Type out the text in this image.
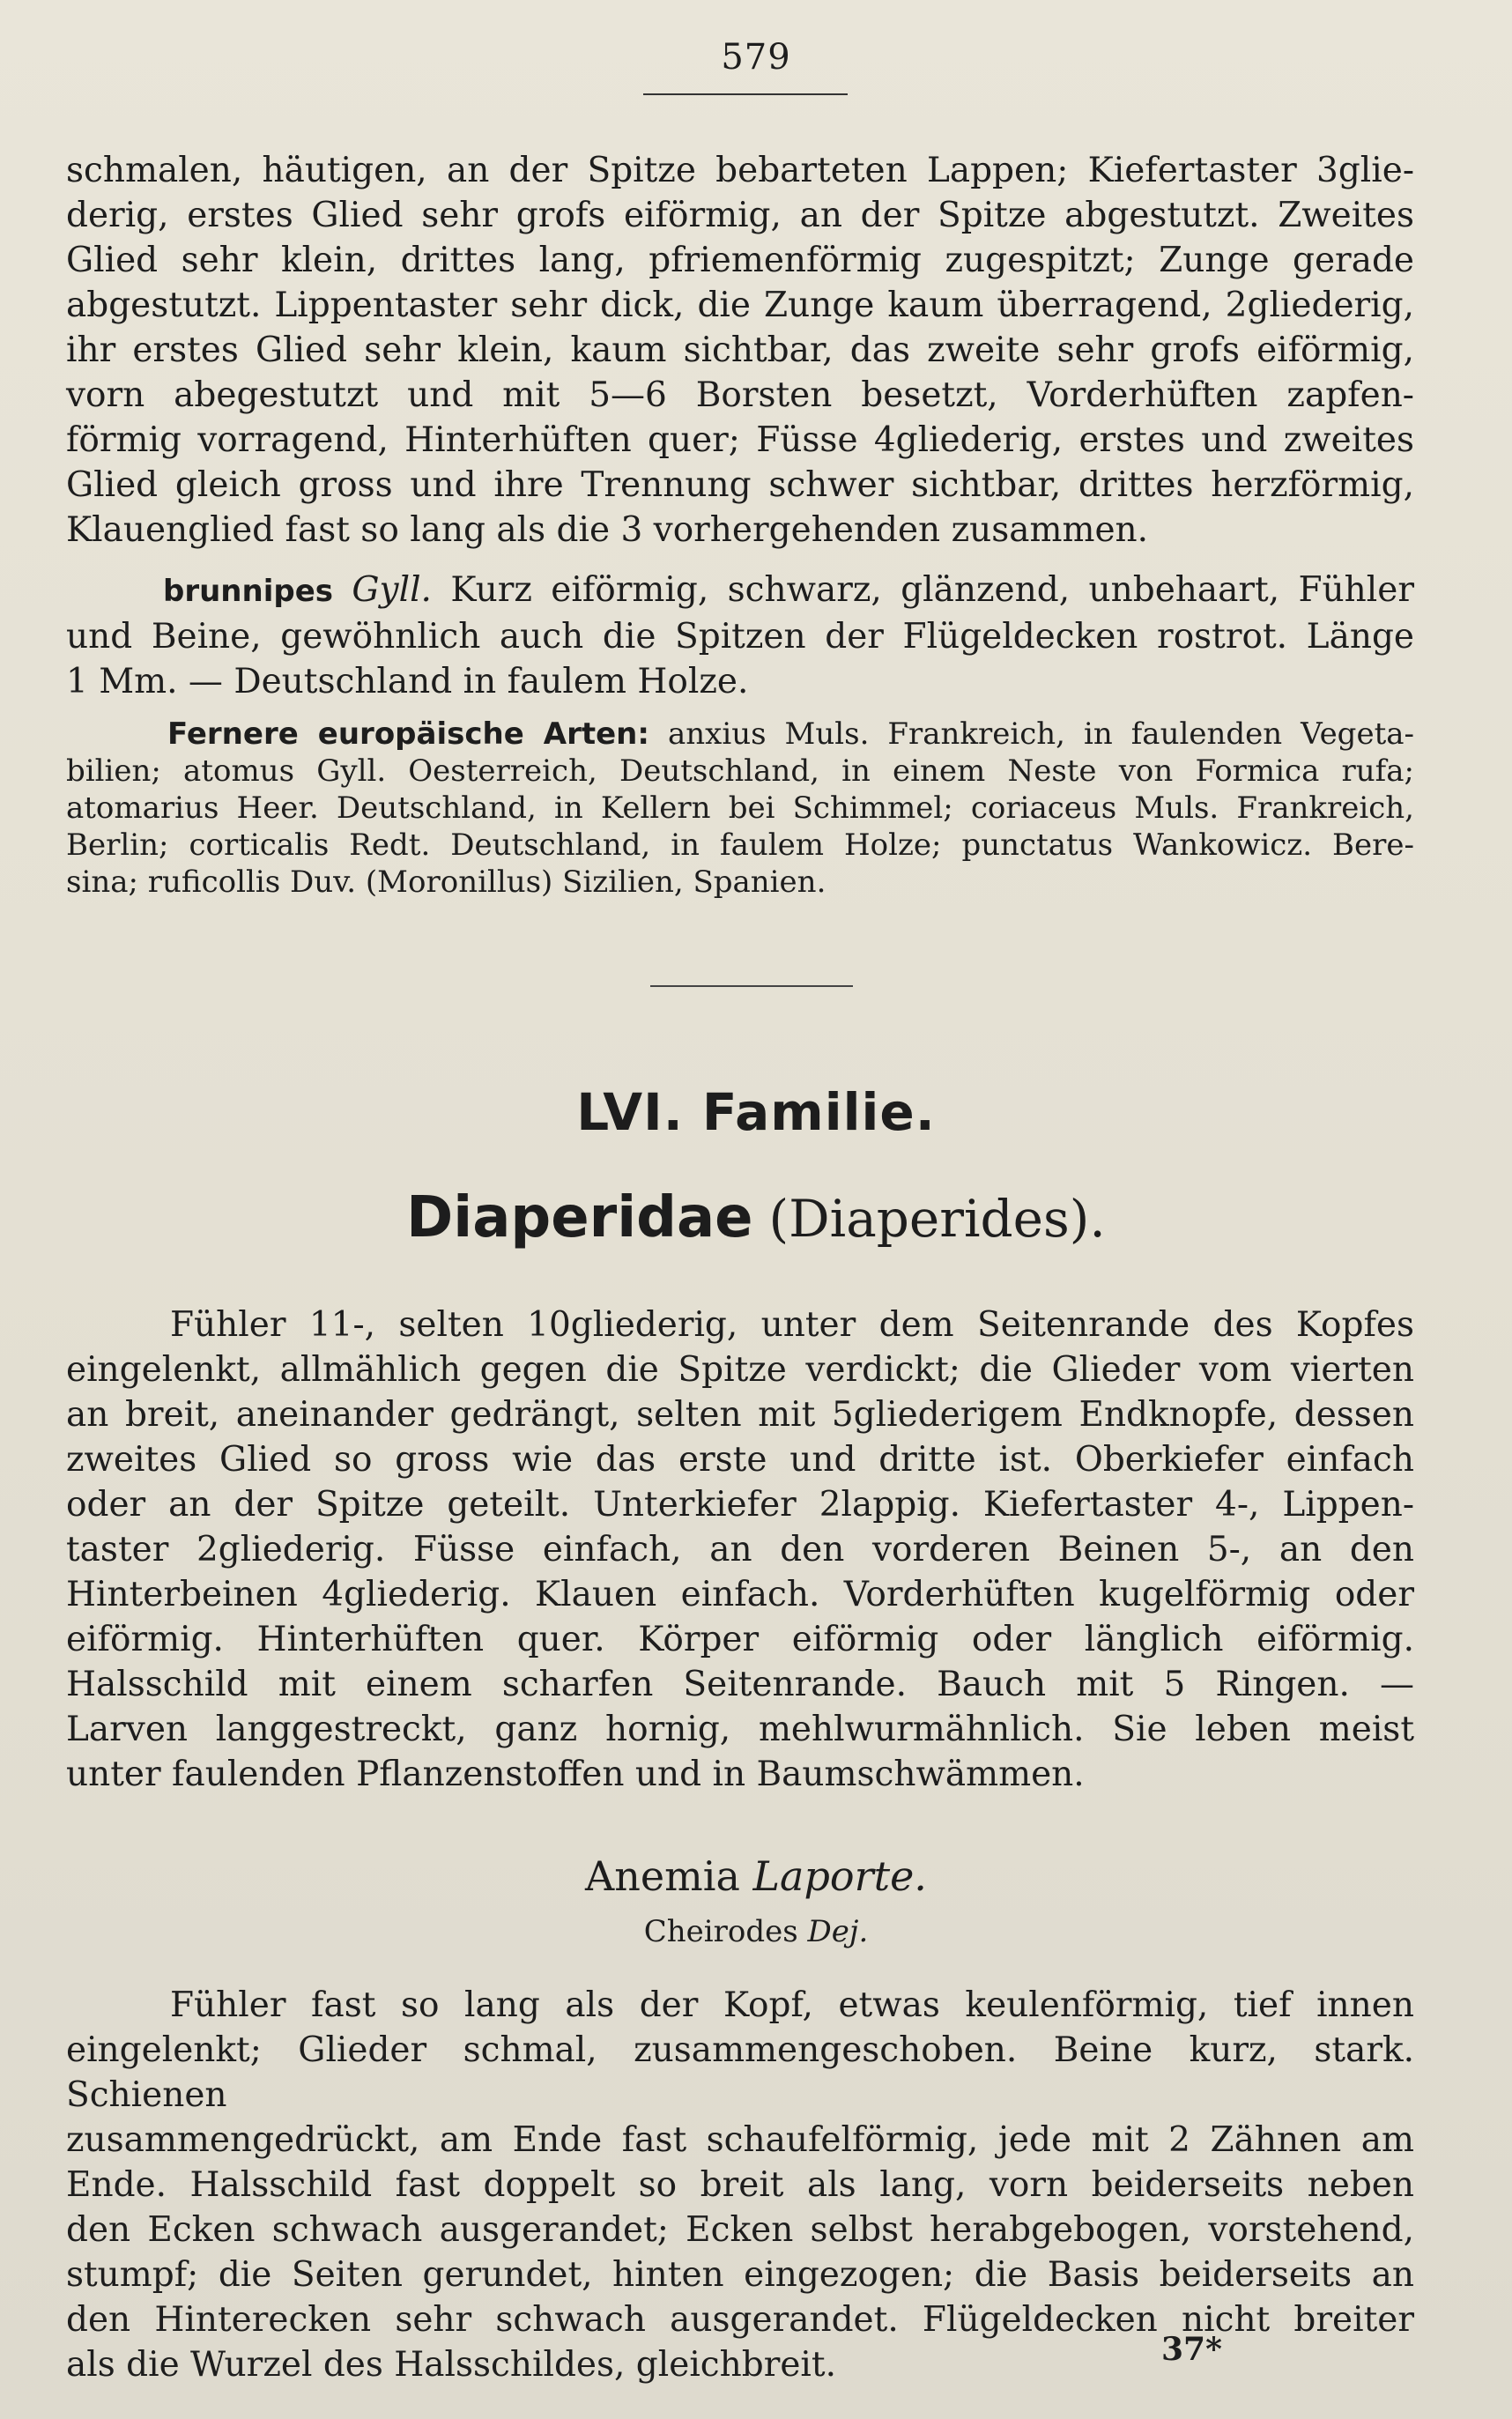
579
schmalen, häutigen, an der Spitze bebarteten Lappen; Kiefertaster 3glie-
derig, erstes Glied sehr grofs eiförmig, an der Spitze abgestutzt. Zweites
Glied sehr klein, drittes lang, pfriemenförmig zugespitzt; Zunge gerade
abgestutzt. Lippentaster sehr dick, die Zunge kaum überragend, 2gliederig,
ihr erstes Glied sehr klein, kaum sichtbar, das zweite sehr grofs eiförmig,
vorn abegestutzt und mit 5—6 Borsten besetzt, Vorderhüften zapfen-
förmig vorragend, Hinterhüften quer; Füsse 4gliederig, erstes und zweites
Glied gleich gross und ihre Trennung schwer sichtbar, drittes herzförmig,
Klauenglied fast so lang als die 3 vorhergehenden zusammen.
brunnipes Gyll. Kurz eiförmig, schwarz, glänzend, unbehaart, Fühler
und Beine, gewöhnlich auch die Spitzen der Flügeldecken rostrot. Länge
1 Mm. — Deutschland in faulem Holze.
Fernere europäische Arten: anxius Muls. Frankreich, in faulenden Vegeta-
bilien; atomus Gyll. Oesterreich, Deutschland, in einem Neste von Formica rufa;
atomarius Heer. Deutschland, in Kellern bei Schimmel; coriaceus Muls. Frankreich,
Berlin; corticalis Redt. Deutschland, in faulem Holze; punctatus Wankowicz. Bere-
sina; ruficollis Duv. (Moronillus) Sizilien, Spanien.
LVI. Familie.
Diaperidae (Diaperides).
Fühler 11-, selten 10gliederig, unter dem Seitenrande des Kopfes
eingelenkt, allmählich gegen die Spitze verdickt; die Glieder vom vierten
an breit, aneinander gedrängt, selten mit 5gliederigem Endknopfe, dessen
zweites Glied so gross wie das erste und dritte ist. Oberkiefer einfach
oder an der Spitze geteilt. Unterkiefer 2lappig. Kiefertaster 4-, Lippen-
taster 2gliederig. Füsse einfach, an den vorderen Beinen 5-, an den
Hinterbeinen 4gliederig. Klauen einfach. Vorderhüften kugelförmig oder
eiförmig. Hinterhüften quer. Körper eiförmig oder länglich eiförmig.
Halsschild mit einem scharfen Seitenrande. Bauch mit 5 Ringen. —
Larven langgestreckt, ganz hornig, mehlwurmähnlich. Sie leben meist
unter faulenden Pflanzenstoffen und in Baumschwämmen.
Anemia Laporte.
Cheirodes Dej.
Fühler fast so lang als der Kopf, etwas keulenförmig, tief innen
eingelenkt; Glieder schmal, zusammengeschoben. Beine kurz, stark. Schienen
zusammengedrückt, am Ende fast schaufelförmig, jede mit 2 Zähnen am
Ende. Halsschild fast doppelt so breit als lang, vorn beiderseits neben
den Ecken schwach ausgerandet; Ecken selbst herabgebogen, vorstehend,
stumpf; die Seiten gerundet, hinten eingezogen; die Basis beiderseits an
den Hinterecken sehr schwach ausgerandet. Flügeldecken nicht breiter
als die Wurzel des Halsschildes, gleichbreit.	37*
